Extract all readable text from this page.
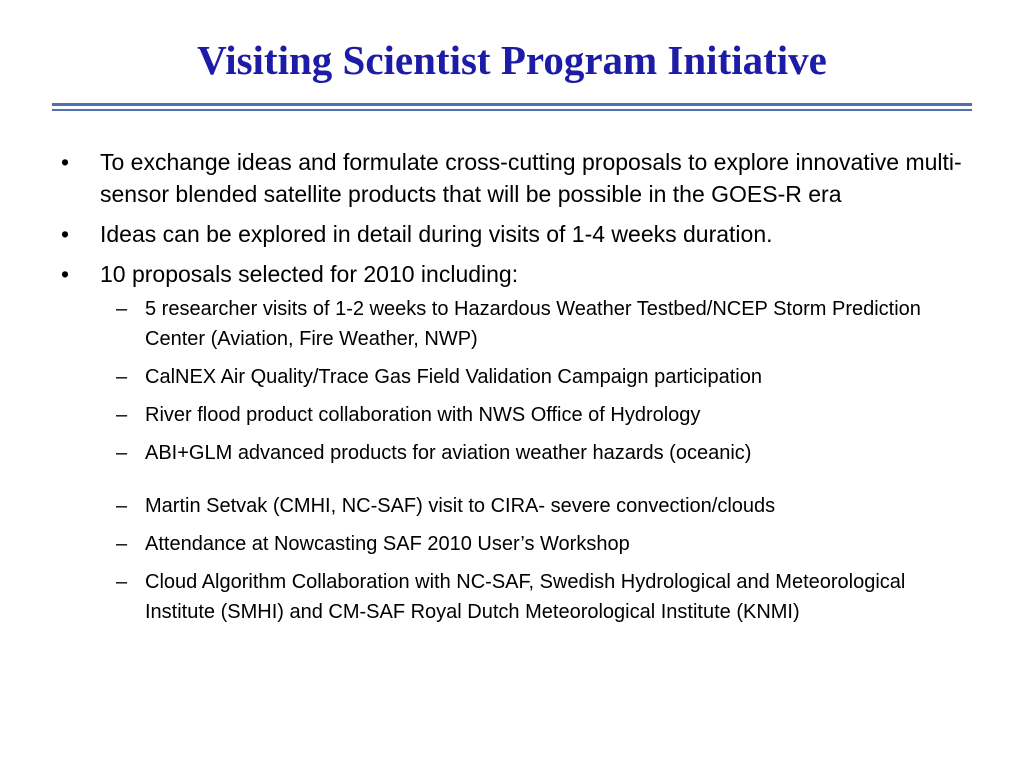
Visiting Scientist Program Initiative
• To exchange ideas and formulate cross-cutting proposals to explore innovative multi-sensor blended satellite products that will be possible in the GOES-R era
• Ideas can be explored in detail during visits of 1-4 weeks duration.
• 10 proposals selected for 2010 including:
– 5 researcher visits of 1-2 weeks to Hazardous Weather Testbed/NCEP Storm Prediction Center (Aviation, Fire Weather, NWP)
– CalNEX Air Quality/Trace Gas Field Validation Campaign participation
– River flood product collaboration with NWS Office of Hydrology
– ABI+GLM advanced products for aviation weather hazards (oceanic)
– Martin Setvak (CMHI, NC-SAF) visit to CIRA- severe convection/clouds
– Attendance at Nowcasting SAF 2010 User’s Workshop
– Cloud Algorithm Collaboration with NC-SAF, Swedish Hydrological and Meteorological Institute (SMHI) and CM-SAF Royal Dutch Meteorological Institute (KNMI)
